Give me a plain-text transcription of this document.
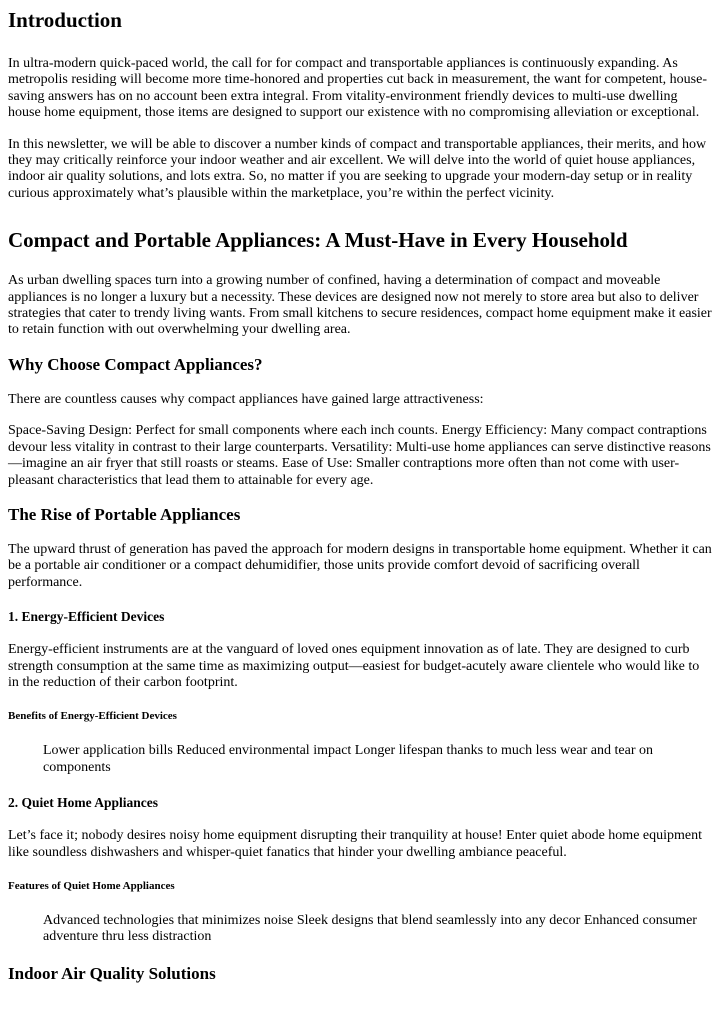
Introduction

In ultra-modern quick-paced world, the call for for compact and transportable appliances is continuously expanding. As metropolis residing will become more time-honored and properties cut back in measurement, the want for competent, house-saving answers has on no account been extra integral. From vitality-environment friendly devices to multi-use dwelling house home equipment, those items are designed to support our existence with no compromising alleviation or exceptional.

In this newsletter, we will be able to discover a number kinds of compact and transportable appliances, their merits, and how they may critically reinforce your indoor weather and air excellent. We will delve into the world of quiet house appliances, indoor air quality solutions, and lots extra. So, no matter if you are seeking to upgrade your modern-day setup or in reality curious approximately what’s plausible within the marketplace, you’re within the perfect vicinity.

Compact and Portable Appliances: A Must-Have in Every Household

As urban dwelling spaces turn into a growing number of confined, having a determination of compact and moveable appliances is no longer a luxury but a necessity. These devices are designed now not merely to store area but also to deliver strategies that cater to trendy living wants. From small kitchens to secure residences, compact home equipment make it easier to retain function with out overwhelming your dwelling area.

Why Choose Compact Appliances?

There are countless causes why compact appliances have gained large attractiveness:

Space-Saving Design: Perfect for small components where each inch counts. Energy Efficiency: Many compact contraptions devour less vitality in contrast to their large counterparts. Versatility: Multi-use home appliances can serve distinctive reasons—imagine an air fryer that still roasts or steams. Ease of Use: Smaller contraptions more often than not come with user-pleasant characteristics that lead them to attainable for every age.

The Rise of Portable Appliances

The upward thrust of generation has paved the approach for modern designs in transportable home equipment. Whether it can be a portable air conditioner or a compact dehumidifier, those units provide comfort devoid of sacrificing overall performance.

1. Energy-Efficient Devices

Energy-efficient instruments are at the vanguard of loved ones equipment innovation as of late. They are designed to curb strength consumption at the same time as maximizing output—easiest for budget-acutely aware clientele who would like to in the reduction of their carbon footprint.

Benefits of Energy-Efficient Devices

Lower application bills Reduced environmental impact Longer lifespan thanks to much less wear and tear on components

2. Quiet Home Appliances

Let’s face it; nobody desires noisy home equipment disrupting their tranquility at house! Enter quiet abode home equipment like soundless dishwashers and whisper-quiet fanatics that hinder your dwelling ambiance peaceful.

Features of Quiet Home Appliances

Advanced technologies that minimizes noise Sleek designs that blend seamlessly into any decor Enhanced consumer adventure thru less distraction

Indoor Air Quality Solutions
